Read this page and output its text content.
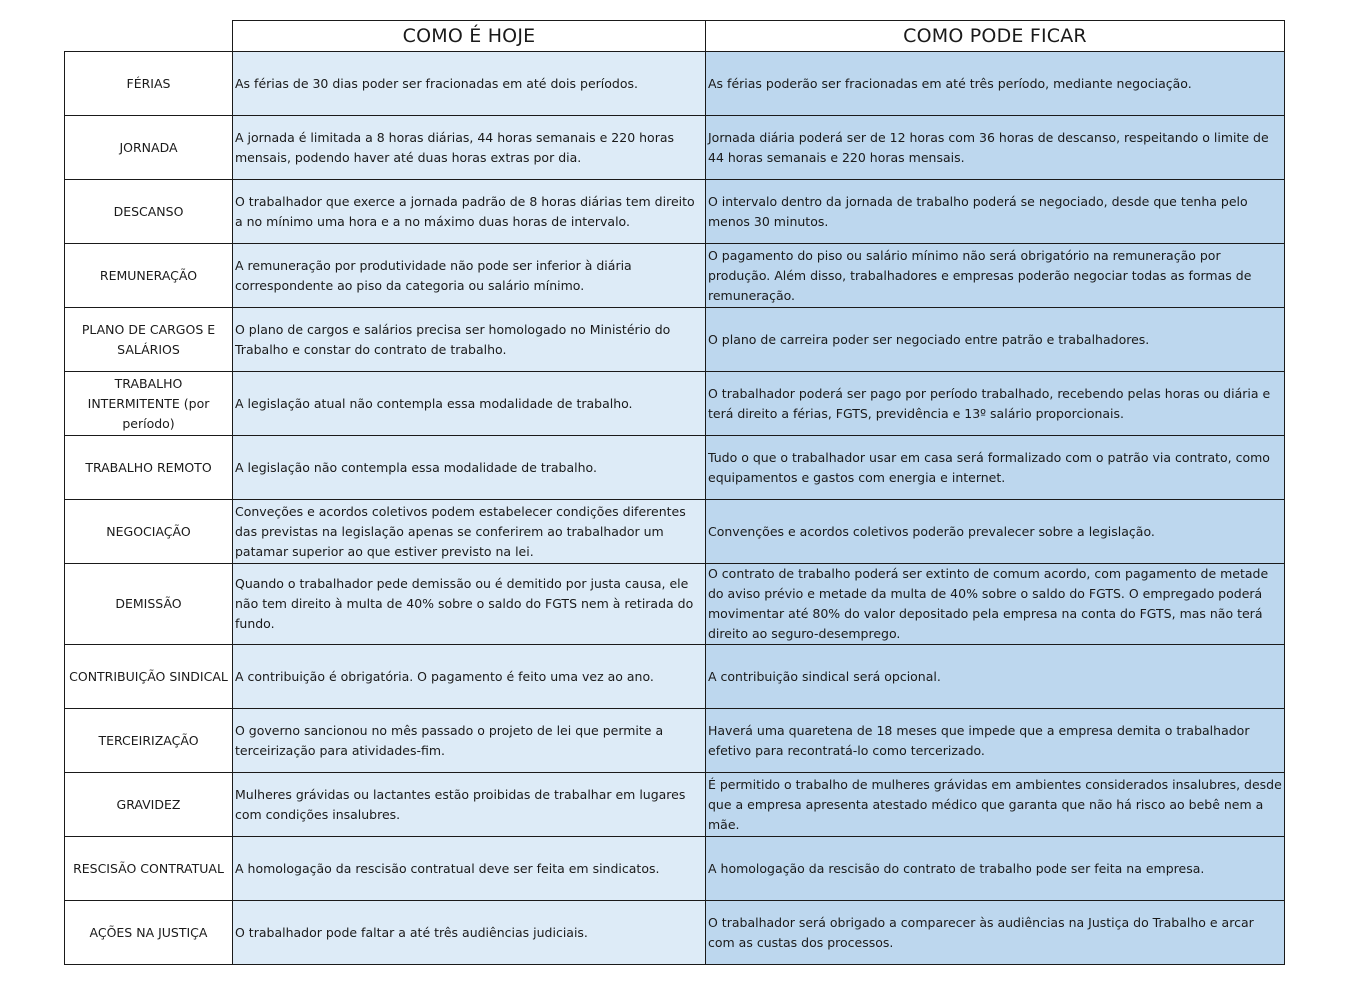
	COMO É HOJE	COMO PODE FICAR
FÉRIAS	As férias de 30 dias poder ser fracionadas em até dois períodos.	As férias poderão ser fracionadas em até três período, mediante negociação.
JORNADA	A jornada é limitada a 8 horas diárias, 44 horas semanais e 220 horas mensais, podendo haver até duas horas extras por dia.	Jornada diária poderá ser de 12 horas com 36 horas de descanso, respeitando o limite de 44 horas semanais e 220 horas mensais.
DESCANSO	O trabalhador que exerce a jornada padrão de 8 horas diárias tem direito a no mínimo uma hora e a no máximo duas horas de intervalo.	O intervalo dentro da jornada de trabalho poderá se negociado, desde que tenha pelo menos 30 minutos.
REMUNERAÇÃO	A remuneração por produtividade não pode ser inferior à diária correspondente ao piso da categoria ou salário mínimo.	O pagamento do piso ou salário mínimo não será obrigatório na remuneração por produção. Além disso, trabalhadores e empresas poderão negociar todas as formas de remuneração.
PLANO DE CARGOS E SALÁRIOS	O plano de cargos e salários precisa ser homologado no Ministério do Trabalho e constar do contrato de trabalho.	O plano de carreira poder ser negociado entre patrão e trabalhadores.
TRABALHO INTERMITENTE (por período)	A legislação atual não contempla essa modalidade de trabalho.	O trabalhador poderá ser pago por período trabalhado, recebendo pelas horas ou diária e terá direito a férias, FGTS, previdência e 13º salário proporcionais.
TRABALHO REMOTO	A legislação não contempla essa modalidade de trabalho.	Tudo o que o trabalhador usar em casa será formalizado com o patrão via contrato, como equipamentos e gastos com energia e internet.
NEGOCIAÇÃO	Conveções e acordos coletivos podem estabelecer condições diferentes das previstas na legislação apenas se conferirem ao trabalhador um patamar superior ao que estiver previsto na lei.	Convenções e acordos coletivos poderão prevalecer sobre a legislação.
DEMISSÃO	Quando o trabalhador pede demissão ou é demitido por justa causa, ele não tem direito à multa de 40% sobre o saldo do FGTS nem à retirada do fundo.	O contrato de trabalho poderá ser extinto de comum acordo, com pagamento de metade do aviso prévio e metade da multa de 40% sobre o saldo do FGTS. O empregado poderá movimentar até 80% do valor depositado pela empresa na conta do FGTS, mas não terá direito ao seguro-desemprego.
CONTRIBUIÇÃO SINDICAL	A contribuição é obrigatória. O pagamento é feito uma vez ao ano.	A contribuição sindical será opcional.
TERCEIRIZAÇÃO	O governo sancionou no mês passado o projeto de lei que permite a terceirização para atividades-fim.	Haverá uma quaretena de 18 meses que impede que a empresa demita o trabalhador efetivo para recontratá-lo como tercerizado.
GRAVIDEZ	Mulheres grávidas ou lactantes estão proibidas de trabalhar em lugares com condições insalubres.	É permitido o trabalho de mulheres grávidas em ambientes considerados insalubres, desde que a empresa apresenta atestado médico que garanta que não há risco ao bebê nem a mãe.
RESCISÃO CONTRATUAL	A homologação da rescisão contratual deve ser feita em sindicatos.	A homologação da rescisão do contrato de trabalho pode ser feita na empresa.
AÇÕES NA JUSTIÇA	O trabalhador pode faltar a até três audiências judiciais.	O trabalhador será obrigado a comparecer às audiências na Justiça do Trabalho e arcar com as custas dos processos.
